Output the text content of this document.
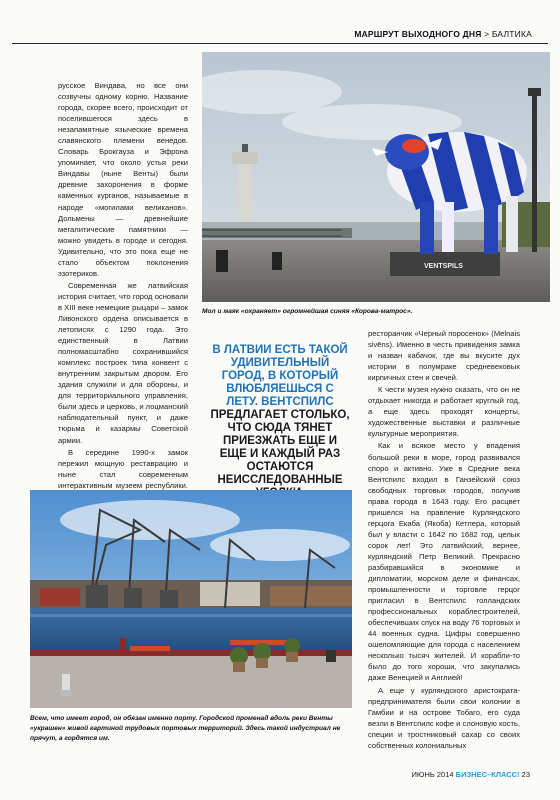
МАРШРУТ ВЫХОДНОГО ДНЯ > БАЛТИКА

русское Виндава, но все они созвучны одному корню. Название города, скорее всего, происходит от поселившегося здесь в незапамятные языческие времена славянского племени венедов. Словарь Брокгауза и Эфрона упоминает, что около устья реки Виндавы (ныне Венты) были древние захоронения в форме каменных курганов, называемые в народе «могилами великанов». Дольмены — древнейшие мегалитические памятники — можно увидеть в городе и сегодня. Удивительно, что это пока еще не стало объектом поклонения эзотериков.

Современная же латвийская история считает, что город основали в XIII веке немецкие рыцари – замок Ливонского ордена описывается в летописях с 1290 года. Это единственный в Латвии полномасштабно сохранившийся комплекс построек типа конвент с внутренним закрытым двором. Его здания служили и для обороны, и для территориального управления, были здесь и церковь, и лоцманский наблюдательный пункт, и даже тюрьма и казармы Советской армии.

В середине 1990-х замок пережил мощную реставрацию и ныне стал современным интерактивным музеем республики.

VENTSPILS
Мол и маяк «охраняет» огромнейшая синяя «Корова-матрос».
В ЛАТВИИ ЕСТЬ ТАКОЙ УДИВИТЕЛЬНЫЙ ГОРОД, В КОТОРЫЙ ВЛЮБЛЯЕШЬСЯ С ЛЕТУ. ВЕНТСПИЛС ПРЕДЛАГАЕТ СТОЛЬКО, ЧТО СЮДА ТЯНЕТ ПРИЕЗЖАТЬ ЕЩЕ И ЕЩЕ И КАЖДЫЙ РАЗ ОСТАЮТСЯ НЕИССЛЕДОВАННЫЕ

ресторанчик «Черный поросенок» (Melnais sivēns). Именно в честь привидения замка и назван кабачок, где вы вкусите дух истории в полумраке средневековых кирпичных стен и свечей.

К чести музея нужно сказать, что он не отдыхает никогда и работает круглый год, а еще здесь проходят концерты, художественные выставки и различные культурные мероприятия.

Как и всякое место у впадения большой реки в море, город развивался споро и активно. Уже в Средние века Вентспилс входил в Ганзейский союз свободных торговых городов, получив права города в 1643 году. Его расцвет пришелся на правление Курляндского герцога Екаба (Якоба) Кетлера, который был у власти с 1642 по 1682 год, целых сорок лет! Это латвийский, вернее, курляндский Петр Великий. Прекрасно разбиравшийся в экономике и дипломатии, морском деле и финансах, промышленности и торговле герцог пригласил в Вентспилс голландских профессиональных кораблестроителей, обеспечивших спуск на воду 76 торговых и 44 военных судна. Цифры совершенно ошеломляющие для города с населением несколько тысяч жителей. И корабли-то было до того хороши, что закупались даже Венецией и Англией!

А еще у курляндского аристократа-предпринимателя были свои колонии в Гамбии и на острове Тобаго, его суда везли в Вентспилс кофе и слоновую кость, специи и тростниковый сахар со своих собственных колониальных

Всем, что имеет город, он обязан именно порту. Городской променад вдоль реки Венты «украшен» живой картиной трудовых портовых территорий. Здесь такой индустриал не прячут, а гордятся им.
ИЮНЬ 2014 БИЗНЕС–КЛАСС! 23
